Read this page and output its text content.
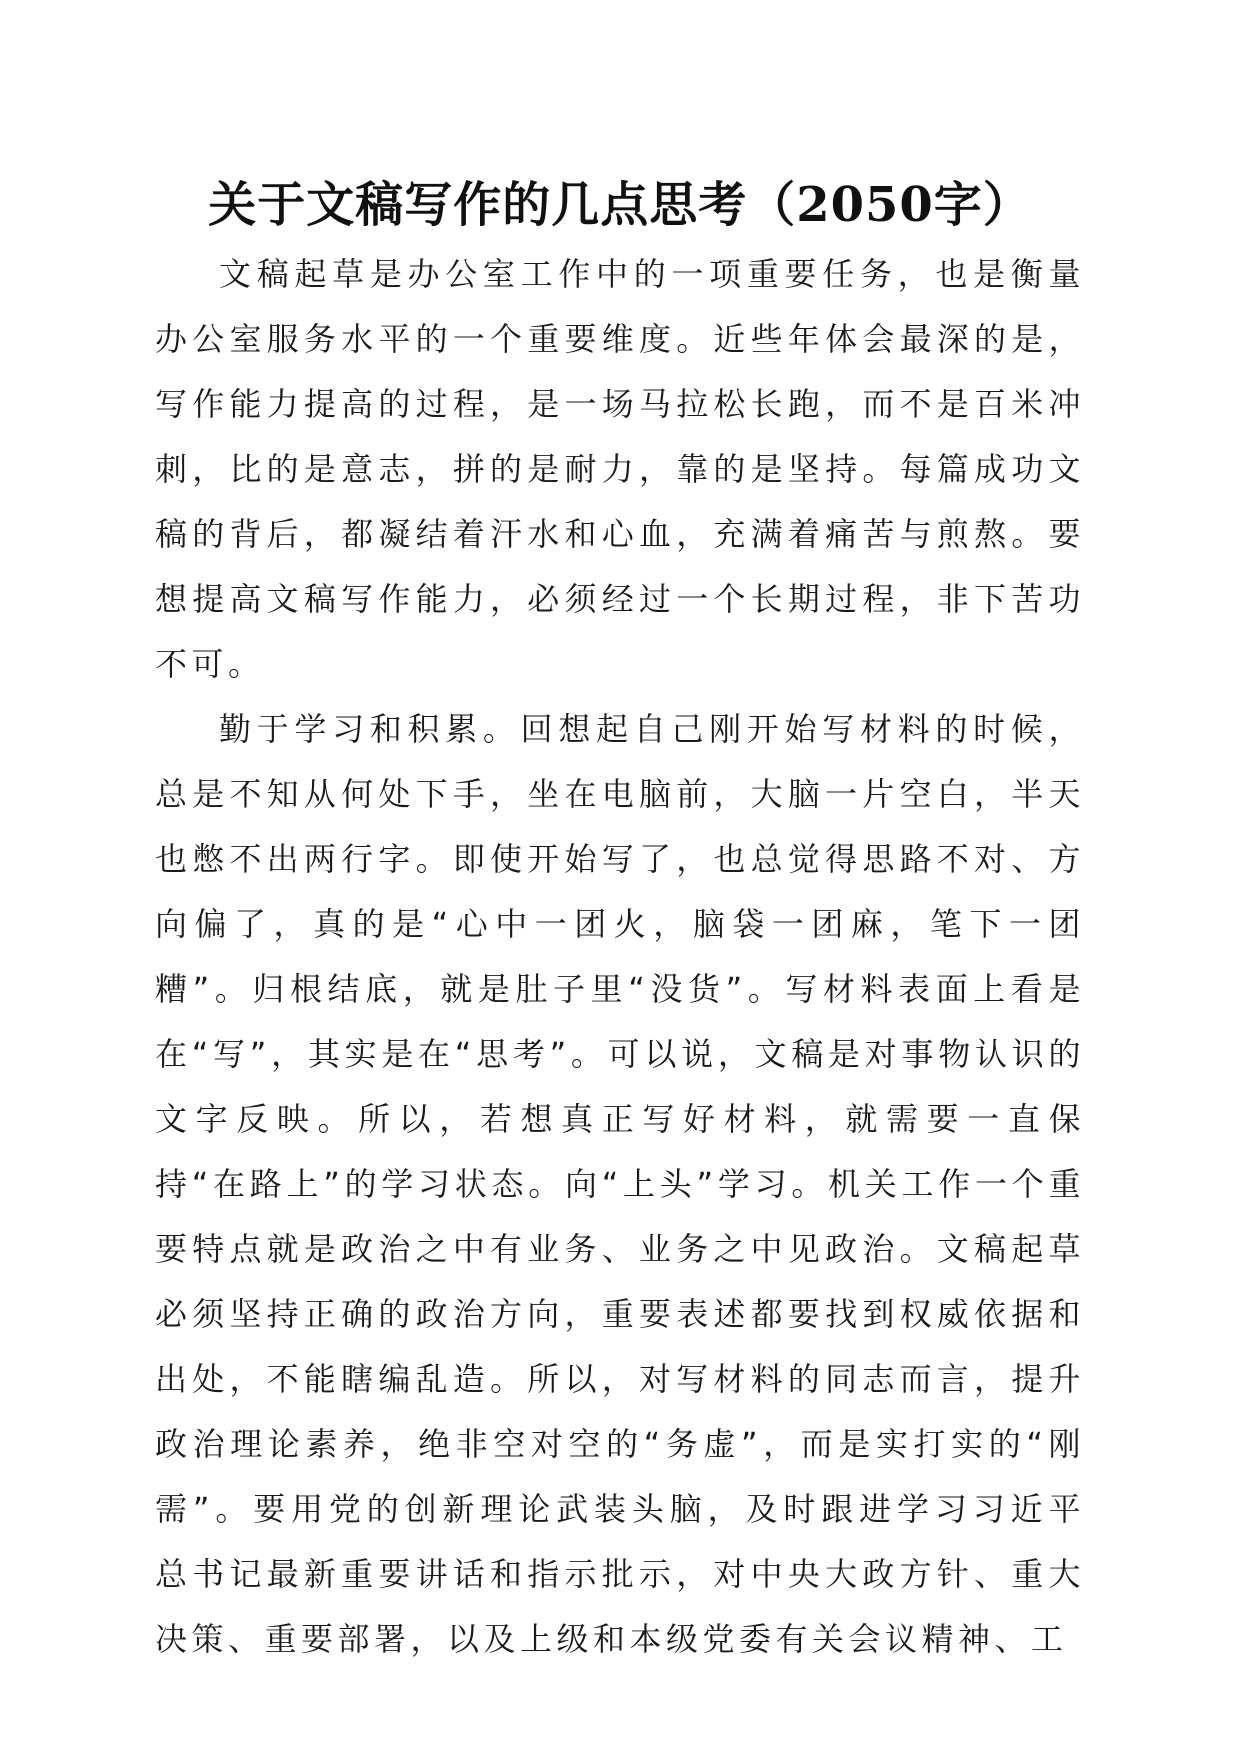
关于文稿写作的几点思考（2050字）

文稿起草是办公室工作中的一项重要任务，也是衡量办公室服务水平的一个重要维度。近些年体会最深的是，写作能力提高的过程，是一场马拉松长跑，而不是百米冲刺，比的是意志，拼的是耐力，靠的是坚持。每篇成功文稿的背后，都凝结着汗水和心血，充满着痛苦与煎熬。要想提高文稿写作能力，必须经过一个长期过程，非下苦功不可。

勤于学习和积累。回想起自己刚开始写材料的时候，总是不知从何处下手，坐在电脑前，大脑一片空白，半天也憋不出两行字。即使开始写了，也总觉得思路不对、方向偏了，真的是“心中一团火，脑袋一团麻，笔下一团糟”。归根结底，就是肚子里“没货”。写材料表面上看是在“写”，其实是在“思考”。可以说，文稿是对事物认识的文字反映。所以，若想真正写好材料，就需要一直保持“在路上”的学习状态。向“上头”学习。机关工作一个重要特点就是政治之中有业务、业务之中见政治。文稿起草必须坚持正确的政治方向，重要表述都要找到权威依据和出处，不能瞎编乱造。所以，对写材料的同志而言，提升政治理论素养，绝非空对空的“务虚”，而是实打实的“刚需”。要用党的创新理论武装头脑，及时跟进学习习近平总书记最新重要讲话和指示批示，对中央大政方针、重大决策、重要部署，以及上级和本级党委有关会议精神、工
